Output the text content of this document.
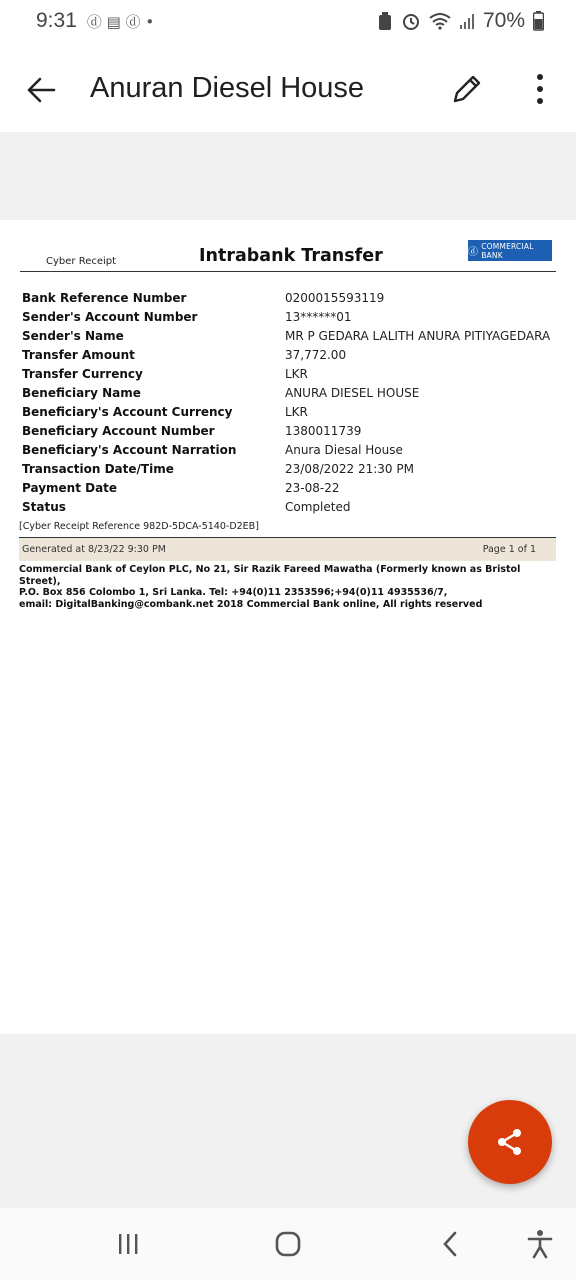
9:31 ⓓ ▤ ⓓ •	70%
Anuran Diesel House
Cyber Receipt	Intrabank Transfer	ⓓ
COMMERCIAL BANK
Bank Reference Number	0200015593119
Sender's Account Number	13******01
Sender's Name	MR P GEDARA LALITH ANURA PITIYAGEDARA
Transfer Amount	37,772.00
Transfer Currency	LKR
Beneficiary Name	ANURA DIESEL HOUSE
Beneficiary's Account Currency	LKR
Beneficiary Account Number	1380011739
Beneficiary's Account Narration	Anura Diesal House
Transaction Date/Time	23/08/2022 21:30 PM
Payment Date	23-08-22
Status	Completed
[Cyber Receipt Reference 982D-5DCA-5140-D2EB]
Generated at 8/23/22 9:30 PM	Page 1 of 1
Commercial Bank of Ceylon PLC, No 21, Sir Razik Fareed Mawatha (Formerly known as Bristol Street),
P.O. Box 856 Colombo 1, Sri Lanka. Tel: +94(0)11 2353596;+94(0)11 4935536/7,
email: DigitalBanking@combank.net 2018 Commercial Bank online, All rights reserved
